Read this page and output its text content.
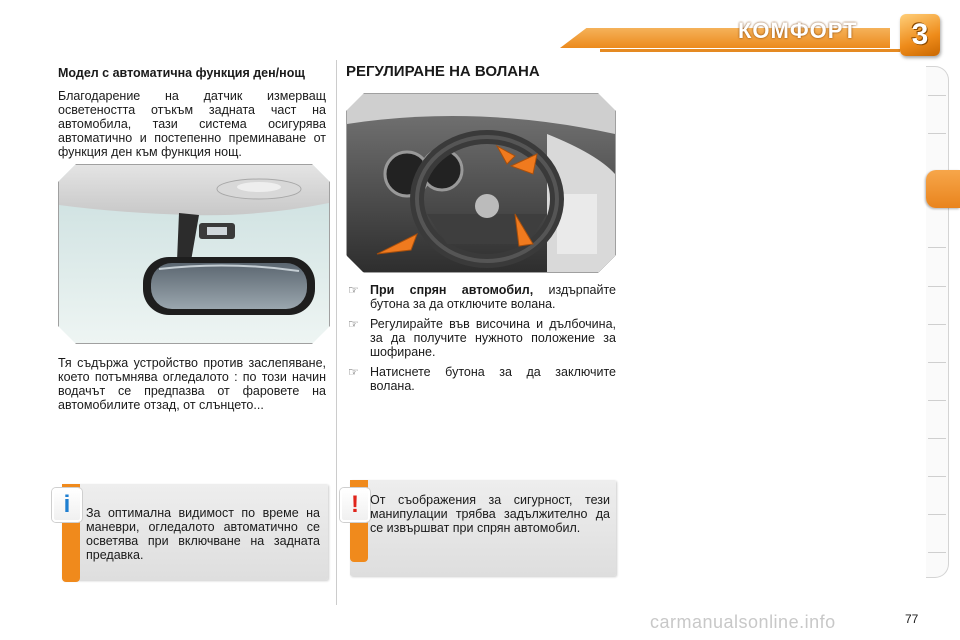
КОМФОРТ 3
Модел с автоматична функция ден/нощ
Благодарение на датчик измерващ осветеността отъкъм задната част на автомобила, тази система осигурява автоматично и постепенно преминаване от функция ден към функция нощ.
Тя съдържа устройство против заслепяване, което потъмнява огледалото : по този начин водачът се предпазва от фаровете на автомобилите отзад, от слънцето...
РЕГУЛИРАНЕ НА ВОЛАНА
☞ При спрян автомобил, издърпайте бутона за да отключите волана.
☞ Регулирайте във височина и дълбочина, за да получите нужното положение за шофиране.
☞ Натиснете бутона за да заключите волана.
i	За оптимална видимост по време на маневри, огледалото автоматично се осветява при включване на задната предавка.
! От съображения за сигурност, тези манипулации трябва задължително да се извършват при спрян автомобил.
carmanualsonline.info	77
